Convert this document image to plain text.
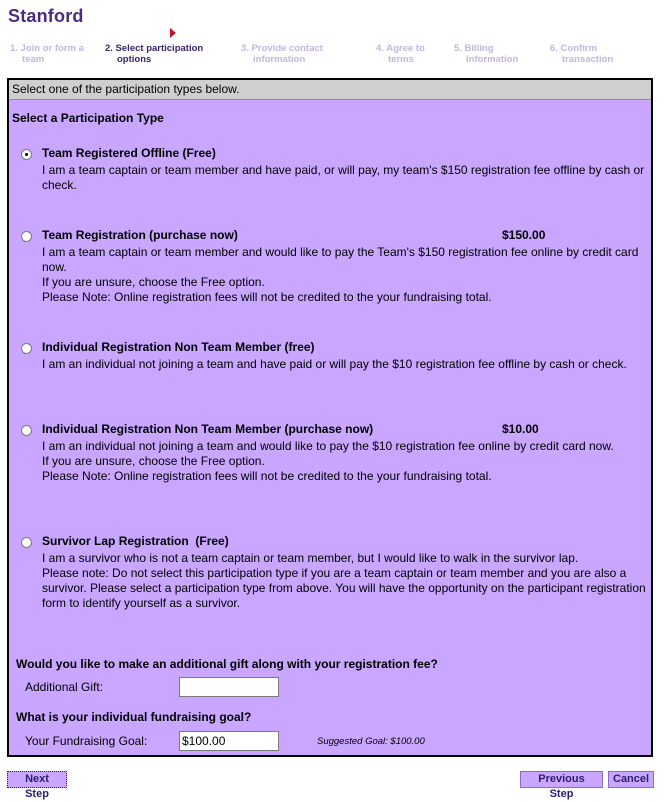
Stanford
1. Join or form a
team
2. Select participation
options
3. Provide contact
information
4. Agree to
terms
5. Billing
information
6. Confirm
transaction
Select one of the participation types below.
Select a Participation Type
Team Registered Offline (Free)
I am a team captain or team member and have paid, or will pay, my team's $150 registration fee offline by cash or check.
Team Registration (purchase now)	$150.00
I am a team captain or team member and would like to pay the Team's $150 registration fee online by credit card now.
If you are unsure, choose the Free option.
Please Note: Online registration fees will not be credited to the your fundraising total.
Individual Registration Non Team Member (free)
I am an individual not joining a team and have paid or will pay the $10 registration fee offline by cash or check.
Individual Registration Non Team Member (purchase now)	$10.00
I am an individual not joining a team and would like to pay the $10 registration fee online by credit card now.
If you are unsure, choose the Free option.
Please Note: Online registration fees will not be credited to the your fundraising total.
Survivor Lap Registration  (Free)
I am a survivor who is not a team captain or team member, but I would like to walk in the survivor lap.
Please note: Do not select this participation type if you are a team captain or team member and you are also a survivor. Please select a participation type from above. You will have the opportunity on the participant registration form to identify yourself as a survivor.
Would you like to make an additional gift along with your registration fee?
Additional Gift:
What is your individual fundraising goal?
Your Fundraising Goal:
$100.00	Suggested Goal: $100.00
Next Step
Previous Step
Cancel
